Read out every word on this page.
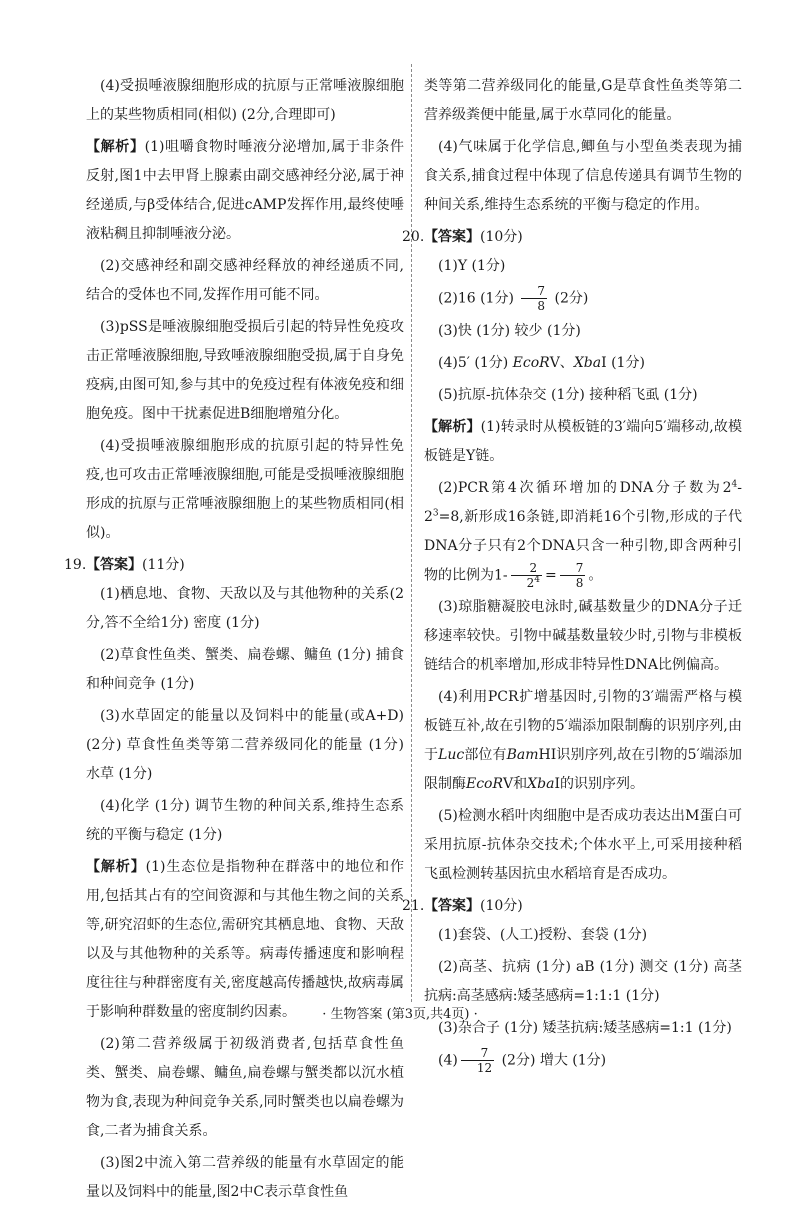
(4)受损唾液腺细胞形成的抗原与正常唾液腺细胞上的某些物质相同(相似) (2分,合理即可)

【解析】(1)咀嚼食物时唾液分泌增加,属于非条件反射,图1中去甲肾上腺素由副交感神经分泌,属于神经递质,与β受体结合,促进cAMP发挥作用,最终使唾液粘稠且抑制唾液分泌。

(2)交感神经和副交感神经释放的神经递质不同,结合的受体也不同,发挥作用可能不同。

(3)pSS是唾液腺细胞受损后引起的特异性免疫攻击正常唾液腺细胞,导致唾液腺细胞受损,属于自身免疫病,由图可知,参与其中的免疫过程有体液免疫和细胞免疫。图中干扰素促进B细胞增殖分化。

(4)受损唾液腺细胞形成的抗原引起的特异性免疫,也可攻击正常唾液腺细胞,可能是受损唾液腺细胞形成的抗原与正常唾液腺细胞上的某些物质相同(相似)。

19.【答案】(11分)

(1)栖息地、食物、天敌以及与其他物种的关系(2分,答不全给1分) 密度 (1分)

(2)草食性鱼类、蟹类、扁卷螺、鳙鱼 (1分) 捕食和种间竞争 (1分)

(3)水草固定的能量以及饲料中的能量(或A+D) (2分) 草食性鱼类等第二营养级同化的能量 (1分) 水草 (1分)

(4)化学 (1分) 调节生物的种间关系,维持生态系统的平衡与稳定 (1分)

【解析】(1)生态位是指物种在群落中的地位和作用,包括其占有的空间资源和与其他生物之间的关系等,研究沼虾的生态位,需研究其栖息地、食物、天敌以及与其他物种的关系等。病毒传播速度和影响程度往往与种群密度有关,密度越高传播越快,故病毒属于影响种群数量的密度制约因素。

(2)第二营养级属于初级消费者,包括草食性鱼类、蟹类、扁卷螺、鳙鱼,扁卷螺与蟹类都以沉水植物为食,表现为种间竞争关系,同时蟹类也以扁卷螺为食,二者为捕食关系。

(3)图2中流入第二营养级的能量有水草固定的能量以及饲料中的能量,图2中C表示草食性鱼

类等第二营养级同化的能量,G是草食性鱼类等第二营养级粪便中能量,属于水草同化的能量。

(4)气味属于化学信息,鲫鱼与小型鱼类表现为捕食关系,捕食过程中体现了信息传递具有调节生物的种间关系,维持生态系统的平衡与稳定的作用。

20.【答案】(10分)

(1)Y (1分)

(2)16 (1分) $\frac{7}{8} (2$分)

(3)快 (1分) 较少 (1分)

(4)5′ (1分) EcoRⅤ、XbaⅠ (1分)

(5)抗原-抗体杂交 (1分) 接种稻飞虱 (1分)

【解析】(1)转录时从模板链的3′端向5′端移动,故模板链是Y链。

(2)PCR第4次循环增加的DNA分子数为$2^4-2^3=8$,新形成16条链,即消耗16个引物,形成的子代DNA分子只有2个DNA只含一种引物,即含两种引物的比例为$1- \frac{2}{2^4} = \frac{7}{8}$ 。

(3)琼脂糖凝胶电泳时,碱基数量少的DNA分子迁移速率较快。引物中碱基数量较少时,引物与非模板链结合的机率增加,形成非特异性DNA比例偏高。

(4)利用PCR扩增基因时,引物的3′端需严格与模板链互补,故在引物的5′端添加限制酶的识别序列,由于Luc部位有BamHⅠ识别序列,故在引物的5′端添加限制酶EcoRⅤ和XbaⅠ的识别序列。

(5)检测水稻叶肉细胞中是否成功表达出M蛋白可采用抗原-抗体杂交技术;个体水平上,可采用接种稻飞虱检测转基因抗虫水稻培育是否成功。

21.【答案】(10分)

(1)套袋、(人工)授粉、套袋 (1分)

(2)高茎、抗病 (1分) aB (1分) 测交 (1分) 高茎抗病:高茎感病:矮茎感病=1:1:1 (1分)

(3)杂合子 (1分) 矮茎抗病:矮茎感病=1:1 (1分)

$(4) \frac{7}{12} (2$分) 增大 (1分)

· 生物答案 (第3页,共4页) ·
